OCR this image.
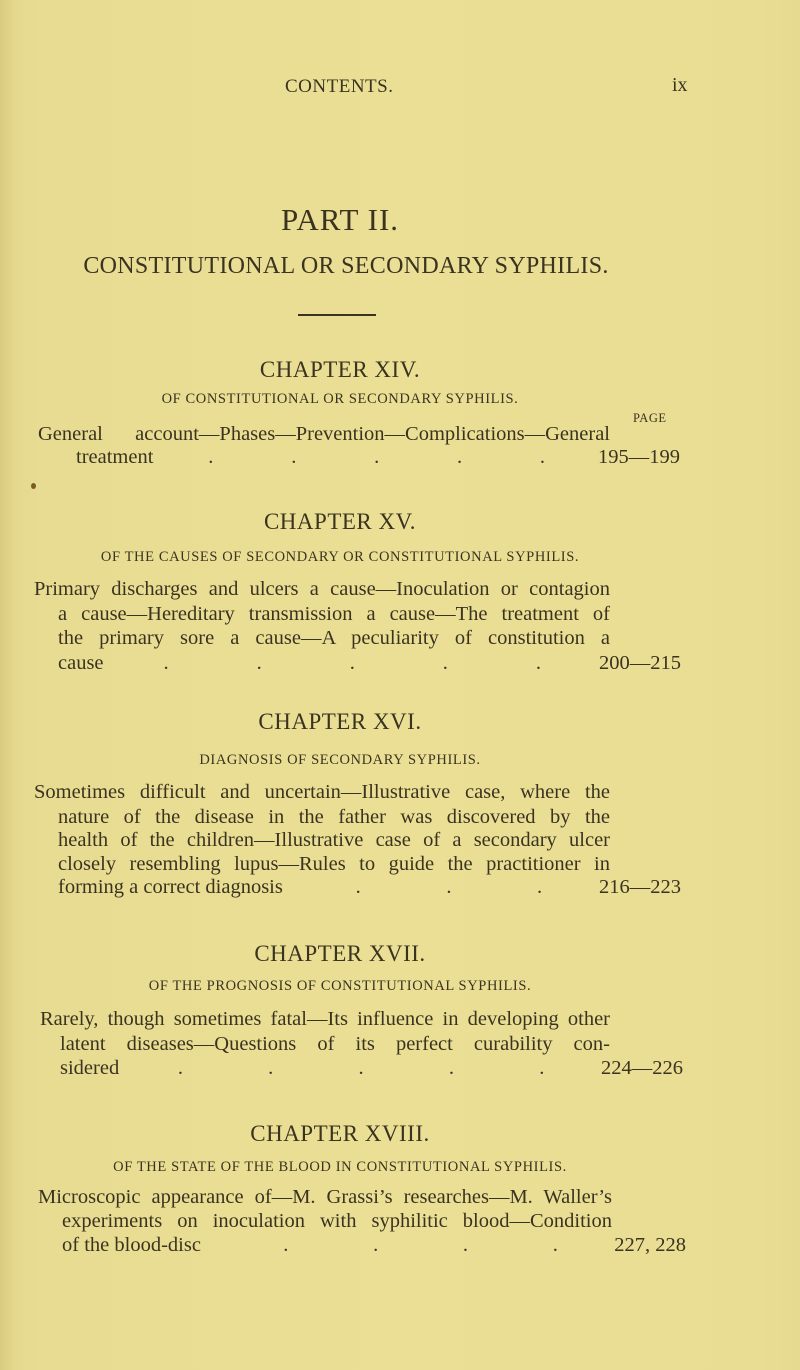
CONTENTS.	ix
PART II.
CONSTITUTIONAL OR SECONDARY SYPHILIS.
CHAPTER XIV.
OF CONSTITUTIONAL OR SECONDARY SYPHILIS.
PAGE
General account—Phases—Prevention—Complications—General
treatment	.	.	.	.	.	195—199
CHAPTER XV.
OF THE CAUSES OF SECONDARY OR CONSTITUTIONAL SYPHILIS.
Primary discharges and ulcers a cause—Inoculation or contagion
a cause—Hereditary transmission a cause—The treatment of
the primary sore a cause—A peculiarity of constitution a
cause	.	.	.	.	.	200—215
CHAPTER XVI.
DIAGNOSIS OF SECONDARY SYPHILIS.
Sometimes difficult and uncertain—Illustrative case, where the
nature of the disease in the father was discovered by the
health of the children—Illustrative case of a secondary ulcer
closely resembling lupus—Rules to guide the practitioner in
forming a correct diagnosis	.	.	.	216—223
CHAPTER XVII.
OF THE PROGNOSIS OF CONSTITUTIONAL SYPHILIS.
Rarely, though sometimes fatal—Its influence in developing other
latent diseases—Questions of its perfect curability con-
sidered	.	.	.	.	.	224—226
CHAPTER XVIII.
OF THE STATE OF THE BLOOD IN CONSTITUTIONAL SYPHILIS.
Microscopic appearance of—M. Grassi’s researches—M. Waller’s
experiments on inoculation with syphilitic blood—Condition
of the blood-disc	.	.	.	.	227, 228
